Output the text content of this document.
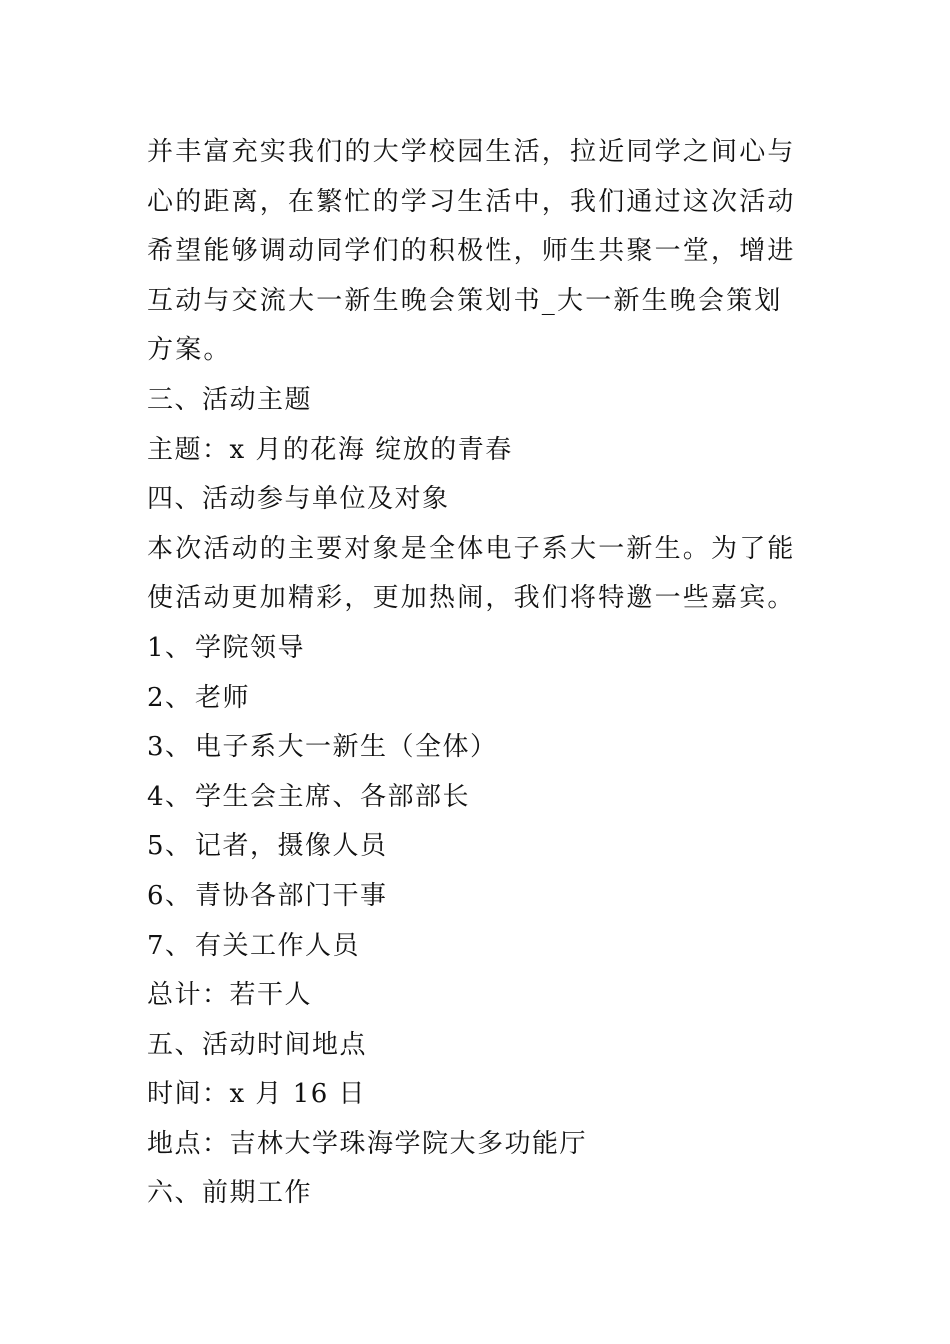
并丰富充实我们的大学校园生活，拉近同学之间心与
心的距离，在繁忙的学习生活中，我们通过这次活动
希望能够调动同学们的积极性，师生共聚一堂，增进
互动与交流大一新生晚会策划书_大一新生晚会策划
方案。
三、活动主题
主题：x 月的花海 绽放的青春
四、活动参与单位及对象
本次活动的主要对象是全体电子系大一新生。为了能
使活动更加精彩，更加热闹，我们将特邀一些嘉宾。
1、学院领导
2、老师
3、电子系大一新生（全体）
4、学生会主席、各部部长
5、记者，摄像人员
6、青协各部门干事
7、有关工作人员
总计：若干人
五、活动时间地点
时间：x 月 16 日
地点：吉林大学珠海学院大多功能厅
六、前期工作
